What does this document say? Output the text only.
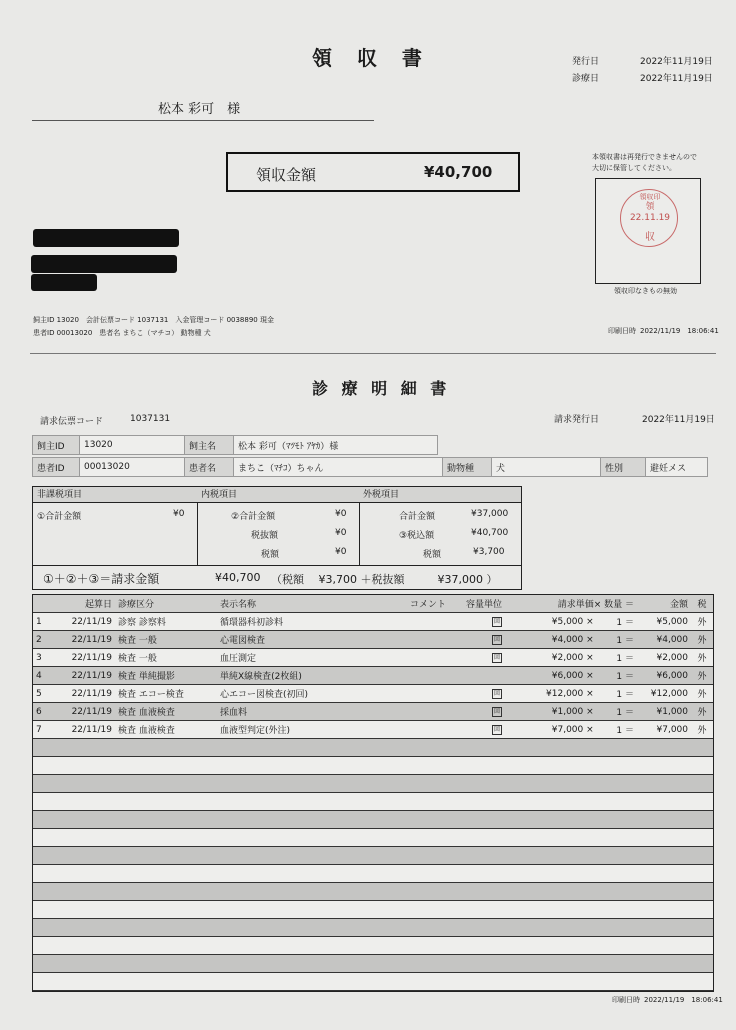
領 収 書	発行日	2022年11月19日
診療日	2022年11月19日
松本 彩可　様
領収金額	¥40,700
本領収書は再発行できませんので
大切に保管してください。
領収印
領
22.11.19
収
領収印なきもの無効
飼主ID 13020　会計伝票コード 1037131　入金管理コード 0038890 現金
患者ID 00013020　患者名 まちこ（マチコ） 動物種 犬	印刷日時 2022/11/19　18:06:41
診 療 明 細 書
請求伝票コード	1037131	請求発行日	2022年11月19日
飼主ID	13020	飼主名	松本 彩可（ﾏﾂﾓﾄ ｱﾔｶ）様
患者ID	00013020	患者名	まちこ（ﾏﾁｺ）ちゃん	動物種	犬	性別	避妊メス
非課税項目
①合計金額	¥0
内税項目
②合計金額	¥0
税抜額	¥0
税額	¥0
外税項目
合計金額	¥37,000
③税込額	¥40,700
税額	¥3,700
①＋②＋③＝請求金額	¥40,700 （税額　 ¥3,700 ＋税抜額　　　¥37,000 ）
	起算日	診療区分	表示名称	コメント	容量単位	請求単価× 数量 ＝		金額	税
1	22/11/19	診察 診察料	循環器科初診料		回	¥5,000 ×	1 ＝	¥5,000	外
2	22/11/19	検査 一般	心電図検査		回	¥4,000 ×	1 ＝	¥4,000	外
3	22/11/19	検査 一般	血圧測定		回	¥2,000 ×	1 ＝	¥2,000	外
4	22/11/19	検査 単純撮影	単純X線検査(2枚組)			¥6,000 ×	1 ＝	¥6,000	外
5	22/11/19	検査 エコー検査	心エコー図検査(初回)		回	¥12,000 ×	1 ＝	¥12,000	外
6	22/11/19	検査 血液検査	採血料		回	¥1,000 ×	1 ＝	¥1,000	外
7	22/11/19	検査 血液検査	血液型判定(外注)		回	¥7,000 ×	1 ＝	¥7,000	外

印刷日時 2022/11/19　18:06:41
